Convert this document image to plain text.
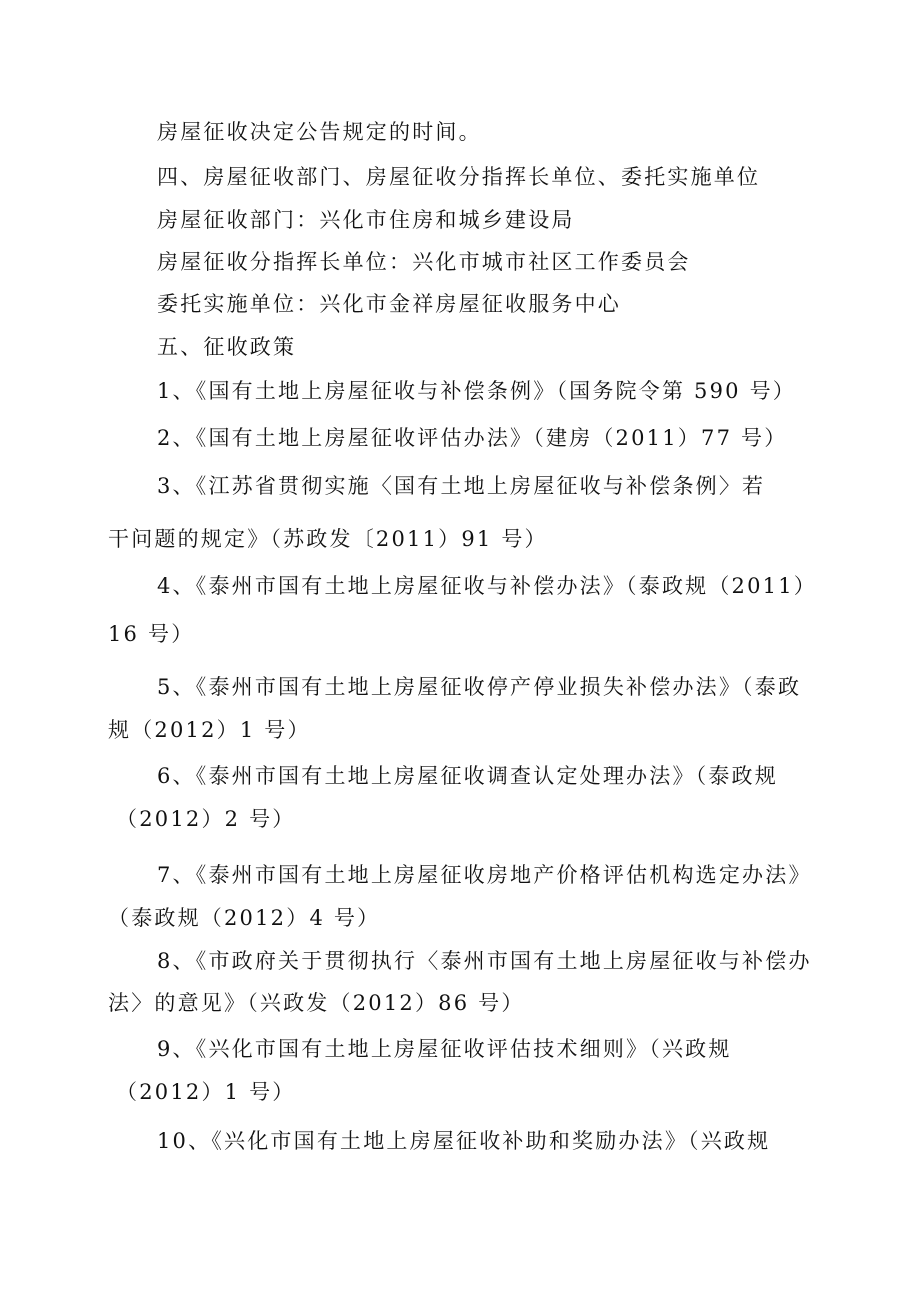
房屋征收决定公告规定的时间。
四、房屋征收部门、房屋征收分指挥长单位、委托实施单位
房屋征收部门：兴化市住房和城乡建设局
房屋征收分指挥长单位：兴化市城市社区工作委员会
委托实施单位：兴化市金祥房屋征收服务中心
五、征收政策
1、《国有土地上房屋征收与补偿条例》（国务院令第 590 号）
2、《国有土地上房屋征收评估办法》（建房（2011）77 号）
3、《江苏省贯彻实施〈国有土地上房屋征收与补偿条例〉若
干问题的规定》（苏政发〔2011）91 号）
4、《泰州市国有土地上房屋征收与补偿办法》（泰政规（2011）
16 号）
5、《泰州市国有土地上房屋征收停产停业损失补偿办法》（泰政
规（2012）1 号）
6、《泰州市国有土地上房屋征收调查认定处理办法》（泰政规
（2012）2 号）
7、《泰州市国有土地上房屋征收房地产价格评估机构选定办法》
（泰政规（2012）4 号）
8、《市政府关于贯彻执行〈泰州市国有土地上房屋征收与补偿办
法〉的意见》（兴政发（2012）86 号）
9、《兴化市国有土地上房屋征收评估技术细则》（兴政规
（2012）1 号）
10、《兴化市国有土地上房屋征收补助和奖励办法》（兴政规
